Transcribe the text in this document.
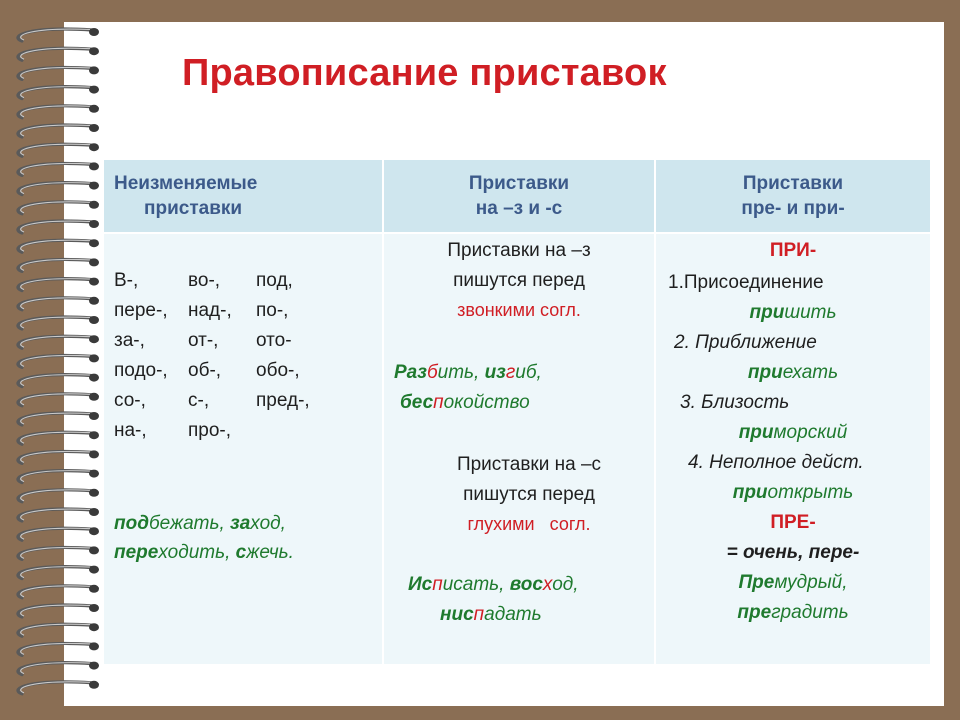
Правописание приставок
Неизменяемые
приставки
Приставки
на –з и -с
Приставки
пре- и при-
В-,	во-, под,
пере-, над-, по-,
за-, от-, ото-
подо-, об-, обо-,
со-, с-, пред-,
на-, про-,
подбежать, заход,
переходить, сжечь.
Приставки на –з
пишутся перед
звонкими согл.
Разбить, изгиб,
беспокойство
Приставки на –с
пишутся перед
глухими согл.
Исписать, восход,
ниспадать
ПРИ-
1.Присоединение
пришить
2. Приближение
приехать
3. Близость
приморский
4. Неполное дейст.
приоткрыть
ПРЕ-
= очень, пере-
Премудрый,
преградить
